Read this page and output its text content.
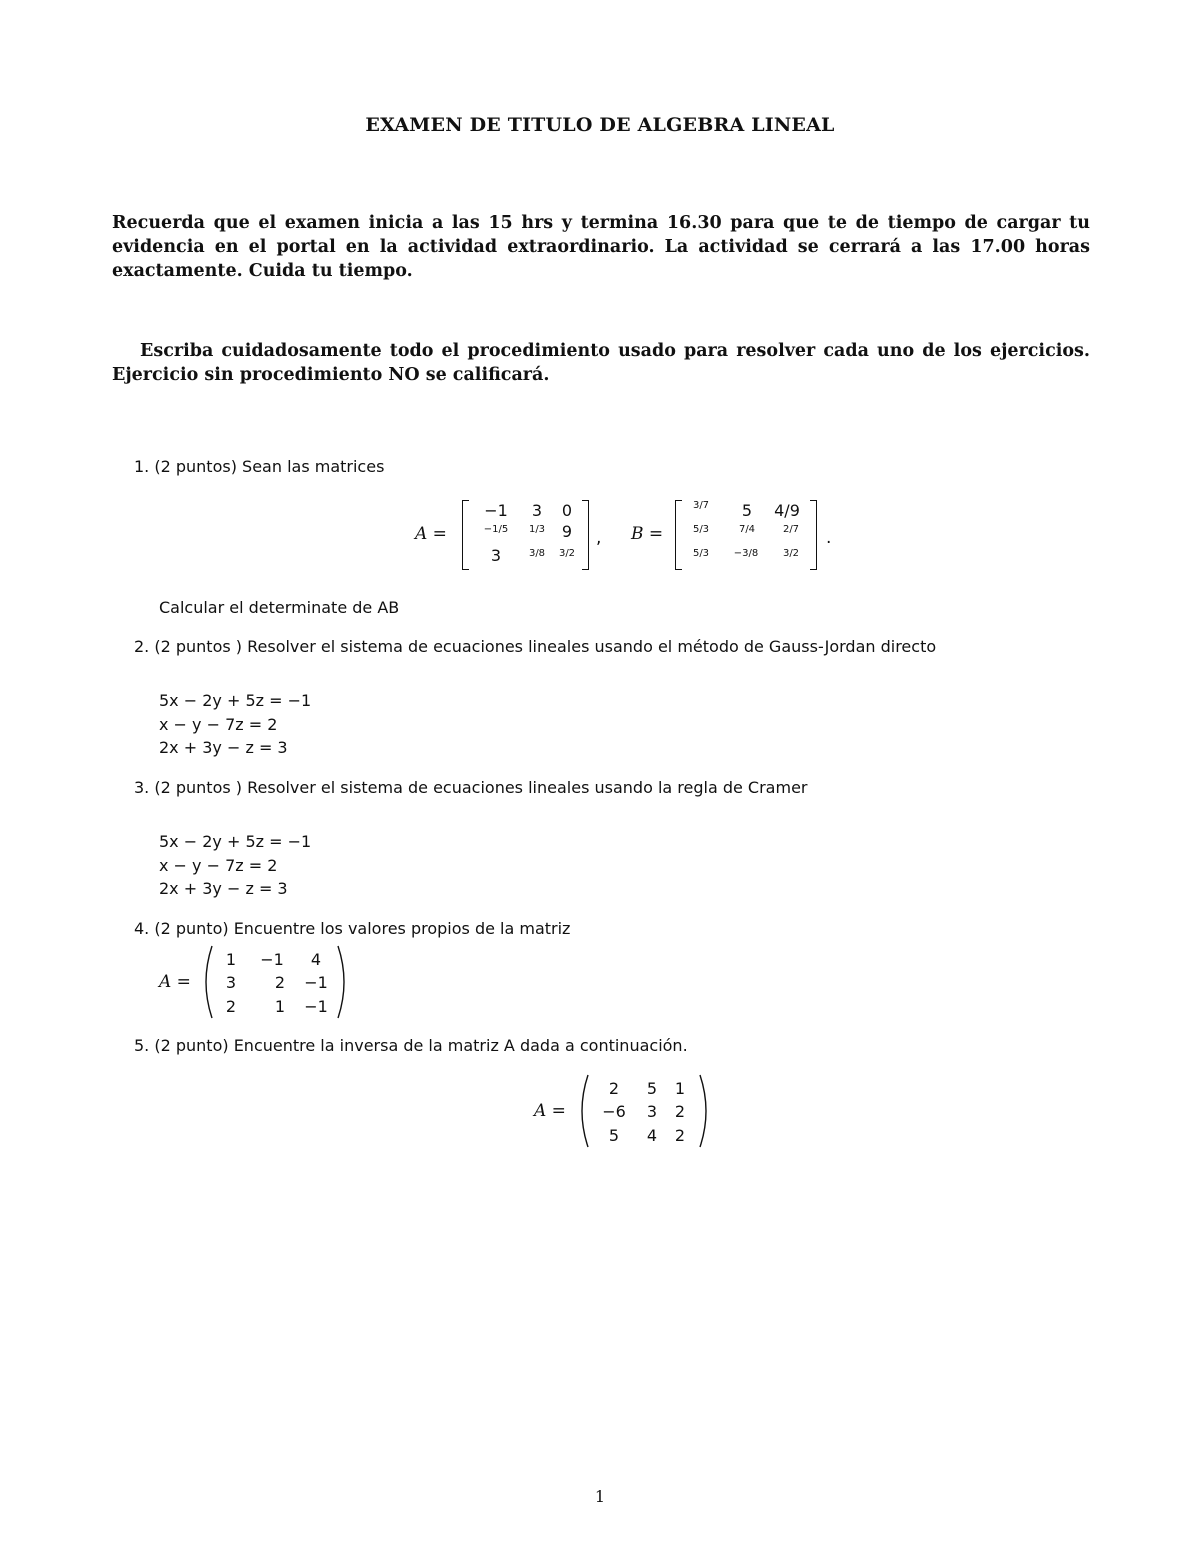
EXAMEN DE TITULO DE ALGEBRA LINEAL
Recuerda que el examen inicia a las 15 hrs y termina 16.30 para que te de tiempo de cargar tu evidencia en el portal en la actividad extraordinario. La actividad se cerrará a las 17.00 horas exactamente. Cuida tu tiempo.
Escriba cuidadosamente todo el procedimiento usado para resolver cada uno de los ejercicios. Ejercicio sin procedimiento NO se calificará.
1. (2 puntos) Sean las matrices
A =
−1	3	0
−1/5	1/3	9
3	3/8	3/2
, B =
3/7	5	4/9
5/3	7/4	2/7
5/3	−3/8	3/2
.
Calcular el determinate de AB
2. (2 puntos ) Resolver el sistema de ecuaciones lineales usando el método de Gauss-Jordan directo
5x − 2y + 5z = −1
x − y − 7z = 2
2x + 3y − z = 3
3. (2 puntos ) Resolver el sistema de ecuaciones lineales usando la regla de Cramer
5x − 2y + 5z = −1
x − y − 7z = 2
2x + 3y − z = 3
4. (2 punto) Encuentre los valores propios de la matriz
A =
1	−1	4
3	2	−1
2	1	−1
5. (2 punto) Encuentre la inversa de la matriz A dada a continuación.
A =
2	5	1
−6	3	2
5	4	2
1
